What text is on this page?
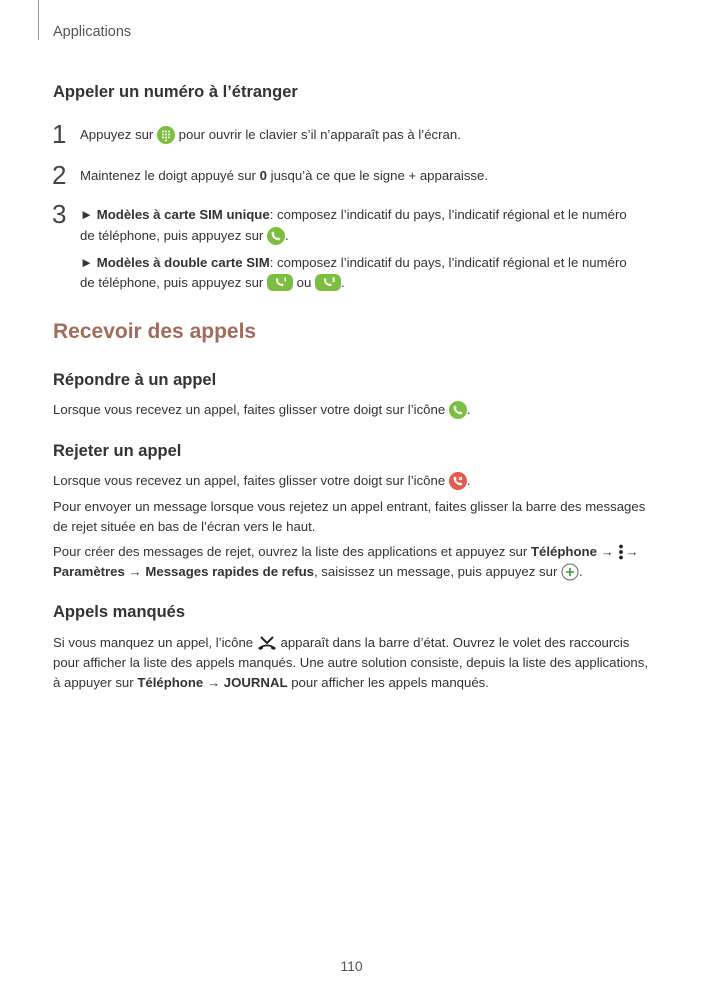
Applications
Appeler un numéro à l’étranger
1 Appuyez sur pour ouvrir le clavier s’il n’apparaît pas à l’écran.
2 Maintenez le doigt appuyé sur 0 jusqu’à ce que le signe + apparaisse.
3 ► Modèles à carte SIM unique: composez l’indicatif du pays, l’indicatif régional et le numéro
de téléphone, puis appuyez sur .
► Modèles à double carte SIM: composez l’indicatif du pays, l’indicatif régional et le numéro
de téléphone, puis appuyez sur	ou .
Recevoir des appels
Répondre à un appel
Lorsque vous recevez un appel, faites glisser votre doigt sur l’icône .
Rejeter un appel
Lorsque vous recevez un appel, faites glisser votre doigt sur l’icône .
Pour envoyer un message lorsque vous rejetez un appel entrant, faites glisser la barre des messages
de rejet située en bas de l’écran vers le haut.
Pour créer des messages de rejet, ouvrez la liste des applications et appuyez sur Téléphone → →
Paramètres → Messages rapides de refus, saisissez un message, puis appuyez sur .
Appels manqués
Si vous manquez un appel, l’icône apparaît dans la barre d’état. Ouvrez le volet des raccourcis
pour afficher la liste des appels manqués. Une autre solution consiste, depuis la liste des applications,
à appuyer sur Téléphone → JOURNAL pour afficher les appels manqués.
110
